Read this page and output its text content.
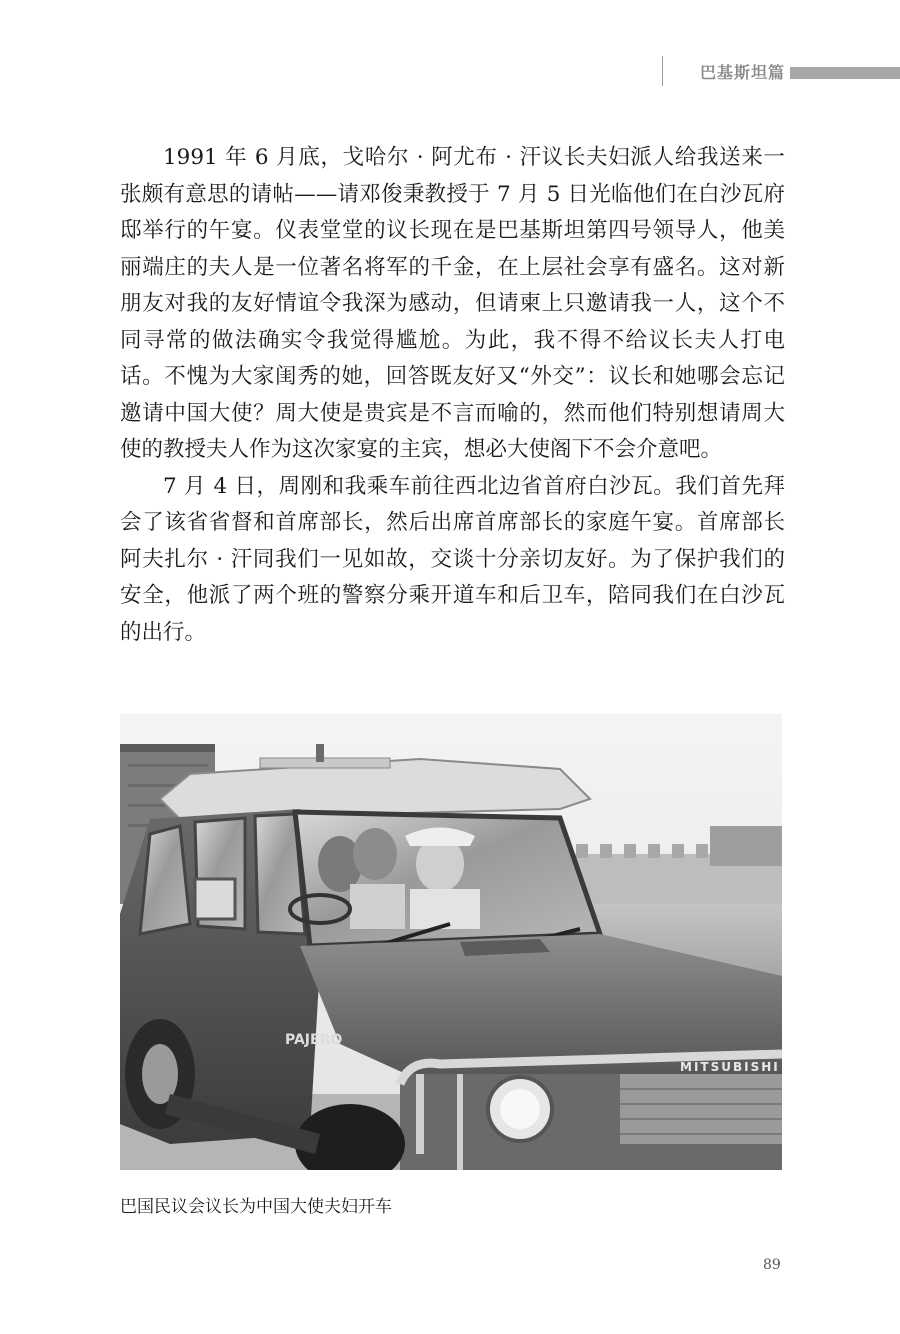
巴基斯坦篇

1991 年 6 月底，戈哈尔 · 阿尤布 · 汗议长夫妇派人给我送来一张颇有意思的请帖——请邓俊秉教授于 7 月 5 日光临他们在白沙瓦府邸举行的午宴。仪表堂堂的议长现在是巴基斯坦第四号领导人，他美丽端庄的夫人是一位著名将军的千金，在上层社会享有盛名。这对新朋友对我的友好情谊令我深为感动，但请柬上只邀请我一人，这个不同寻常的做法确实令我觉得尴尬。为此，我不得不给议长夫人打电话。不愧为大家闺秀的她，回答既友好又“外交”：议长和她哪会忘记邀请中国大使？周大使是贵宾是不言而喻的，然而他们特别想请周大使的教授夫人作为这次家宴的主宾，想必大使阁下不会介意吧。

7 月 4 日，周刚和我乘车前往西北边省首府白沙瓦。我们首先拜会了该省省督和首席部长，然后出席首席部长的家庭午宴。首席部长阿夫扎尔 · 汗同我们一见如故，交谈十分亲切友好。为了保护我们的安全，他派了两个班的警察分乘开道车和后卫车，陪同我们在白沙瓦的出行。

PAJERO
MITSUBISHI
巴国民议会议长为中国大使夫妇开车
89
